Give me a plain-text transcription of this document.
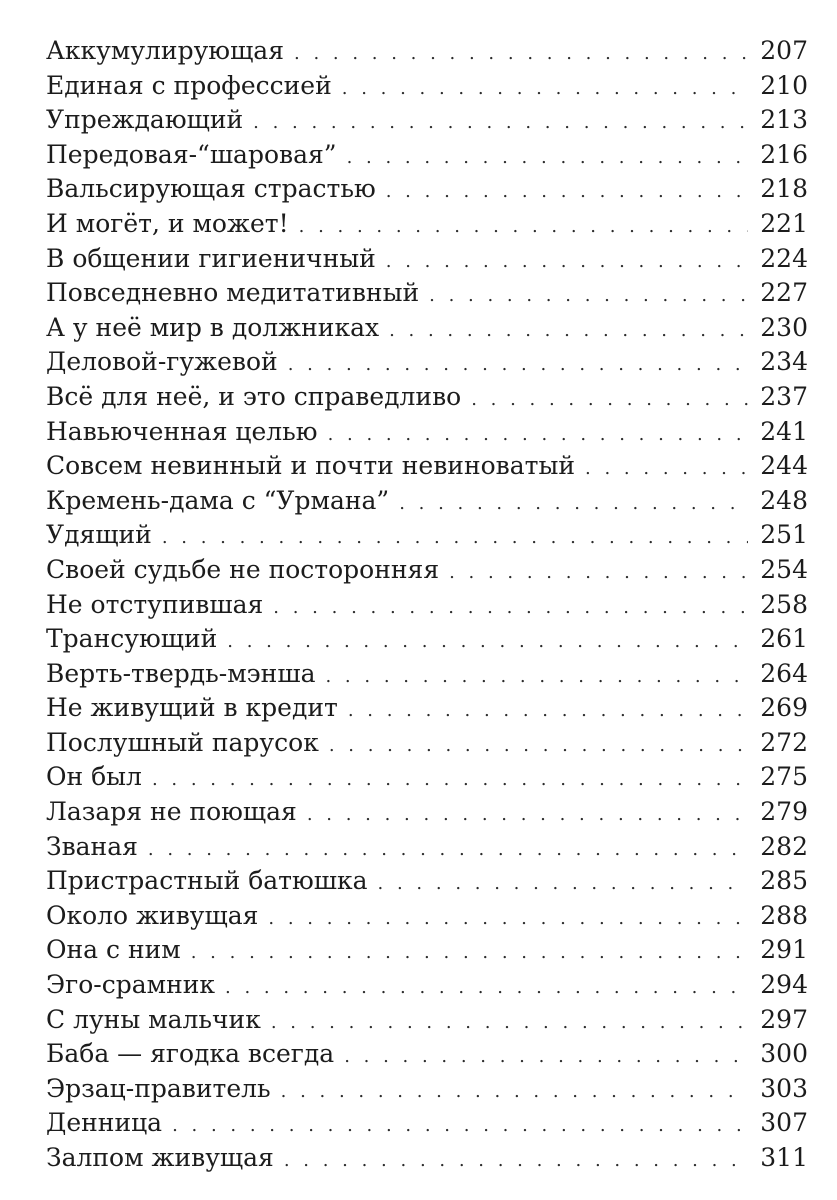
Аккумулирующая . . .	207
Единая с профессией . . .	210
Упреждающий . . .	213
Передовая-“шаровая” . . .	216
Вальсирующая страстью . . .	218
И могёт, и может! . . .	221
В общении гигиеничный . . .	224
Повседневно медитативный . . .	227
А у неё мир в должниках . . .	230
Деловой-гужевой . . .	234
Всё для неё, и это справедливо . . .	237
Навьюченная целью . . .	241
Совсем невинный и почти невиноватый . . .	244
Кремень-дама с “Урмана” . . .	248
Удящий . . .	251
Своей судьбе не посторонняя . . .	254
Не отступившая . . .	258
Трансующий . . .	261
Верть-твердь-мэнша . . .	264
Не живущий в кредит . . .	269
Послушный парусок . . .	272
Он был . . .	275
Лазаря не поющая . . .	279
Званая . . .	282
Пристрастный батюшка . . .	285
Около живущая . . .	288
Она с ним . . .	291
Эго-срамник . . .	294
С луны мальчик . . .	297
Баба — ягодка всегда . . .	300
Эрзац-правитель . . .	303
Денница . . .	307
Залпом живущая . . .	311
